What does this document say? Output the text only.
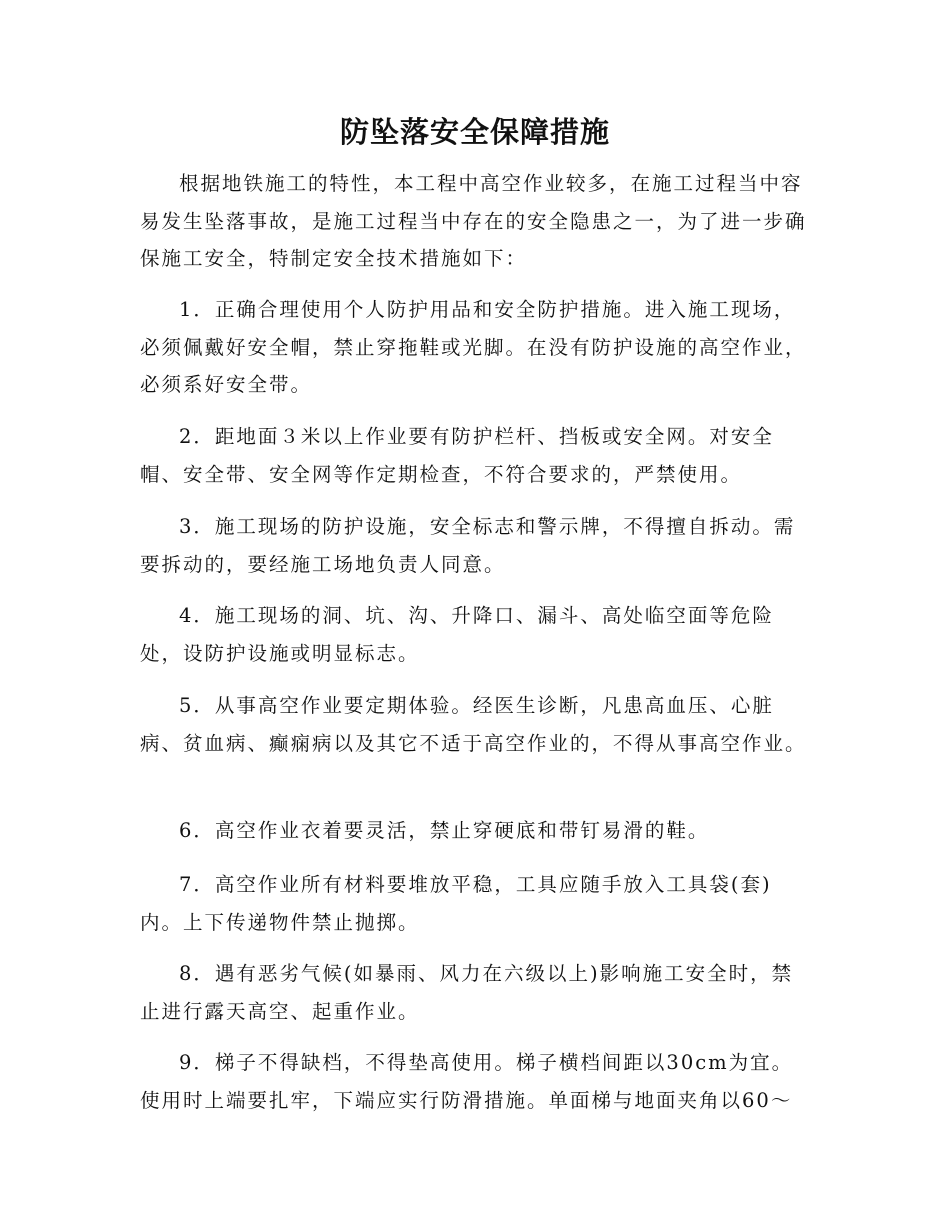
防坠落安全保障措施

根据地铁施工的特性，本工程中高空作业较多，在施工过程当中容易发生坠落事故，是施工过程当中存在的安全隐患之一，为了进一步确保施工安全，特制定安全技术措施如下：

1．正确合理使用个人防护用品和安全防护措施。进入施工现场，必须佩戴好安全帽，禁止穿拖鞋或光脚。在没有防护设施的高空作业，必须系好安全带。

2．距地面３米以上作业要有防护栏杆、挡板或安全网。对安全帽、安全带、安全网等作定期检查，不符合要求的，严禁使用。

3．施工现场的防护设施，安全标志和警示牌，不得擅自拆动。需要拆动的，要经施工场地负责人同意。

4．施工现场的洞、坑、沟、升降口、漏斗、高处临空面等危险处，设防护设施或明显标志。

5．从事高空作业要定期体验。经医生诊断，凡患高血压、心脏病、贫血病、癫痫病以及其它不适于高空作业的，不得从事高空作业。

6．高空作业衣着要灵活，禁止穿硬底和带钉易滑的鞋。

7．高空作业所有材料要堆放平稳，工具应随手放入工具袋(套)内。上下传递物件禁止抛掷。

8．遇有恶劣气候(如暴雨、风力在六级以上)影响施工安全时，禁止进行露天高空、起重作业。

9．梯子不得缺档，不得垫高使用。梯子横档间距以30cm为宜。使用时上端要扎牢，下端应实行防滑措施。单面梯与地面夹角以60～
